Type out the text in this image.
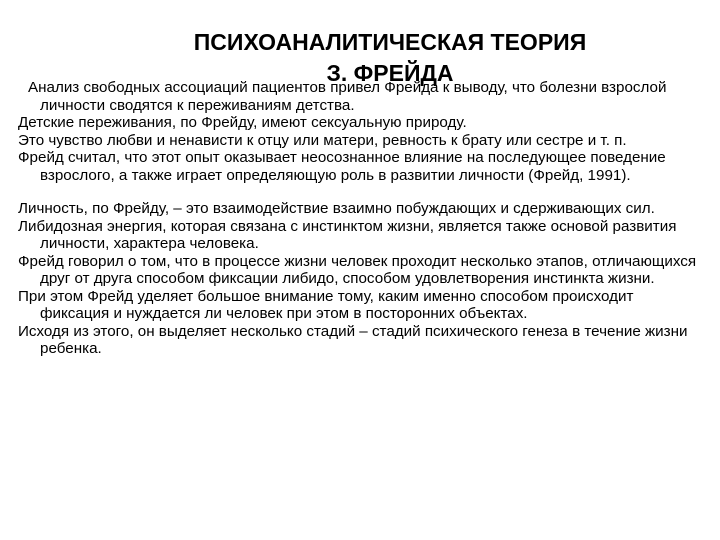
ПСИХОАНАЛИТИЧЕСКАЯ ТЕОРИЯ
З. ФРЕЙДА

Анализ свободных ассоциаций пациентов привел Фрейда к выводу, что болезни взрослой личности сводятся к переживаниям детства.

Детские переживания, по Фрейду, имеют сексуальную природу.

Это чувство любви и ненависти к отцу или матери, ревность к брату или сестре и т. п.

Фрейд считал, что этот опыт оказывает неосознанное влияние на последующее поведение взрослого, а также играет определяющую роль в развитии личности (Фрейд, 1991).

Личность, по Фрейду, – это взаимодействие взаимно побуждающих и сдерживающих сил.

Либидозная энергия, которая связана с инстинктом жизни, является также основой развития личности, характера человека.

Фрейд говорил о том, что в процессе жизни человек проходит несколько этапов, отличающихся друг от друга способом фиксации либидо, способом удовлетворения инстинкта жизни.

При этом Фрейд уделяет большое внимание тому, каким именно способом происходит фиксация и нуждается ли человек при этом в посторонних объектах.

Исходя из этого, он выделяет несколько стадий – стадий психического генеза в течение жизни ребенка.
